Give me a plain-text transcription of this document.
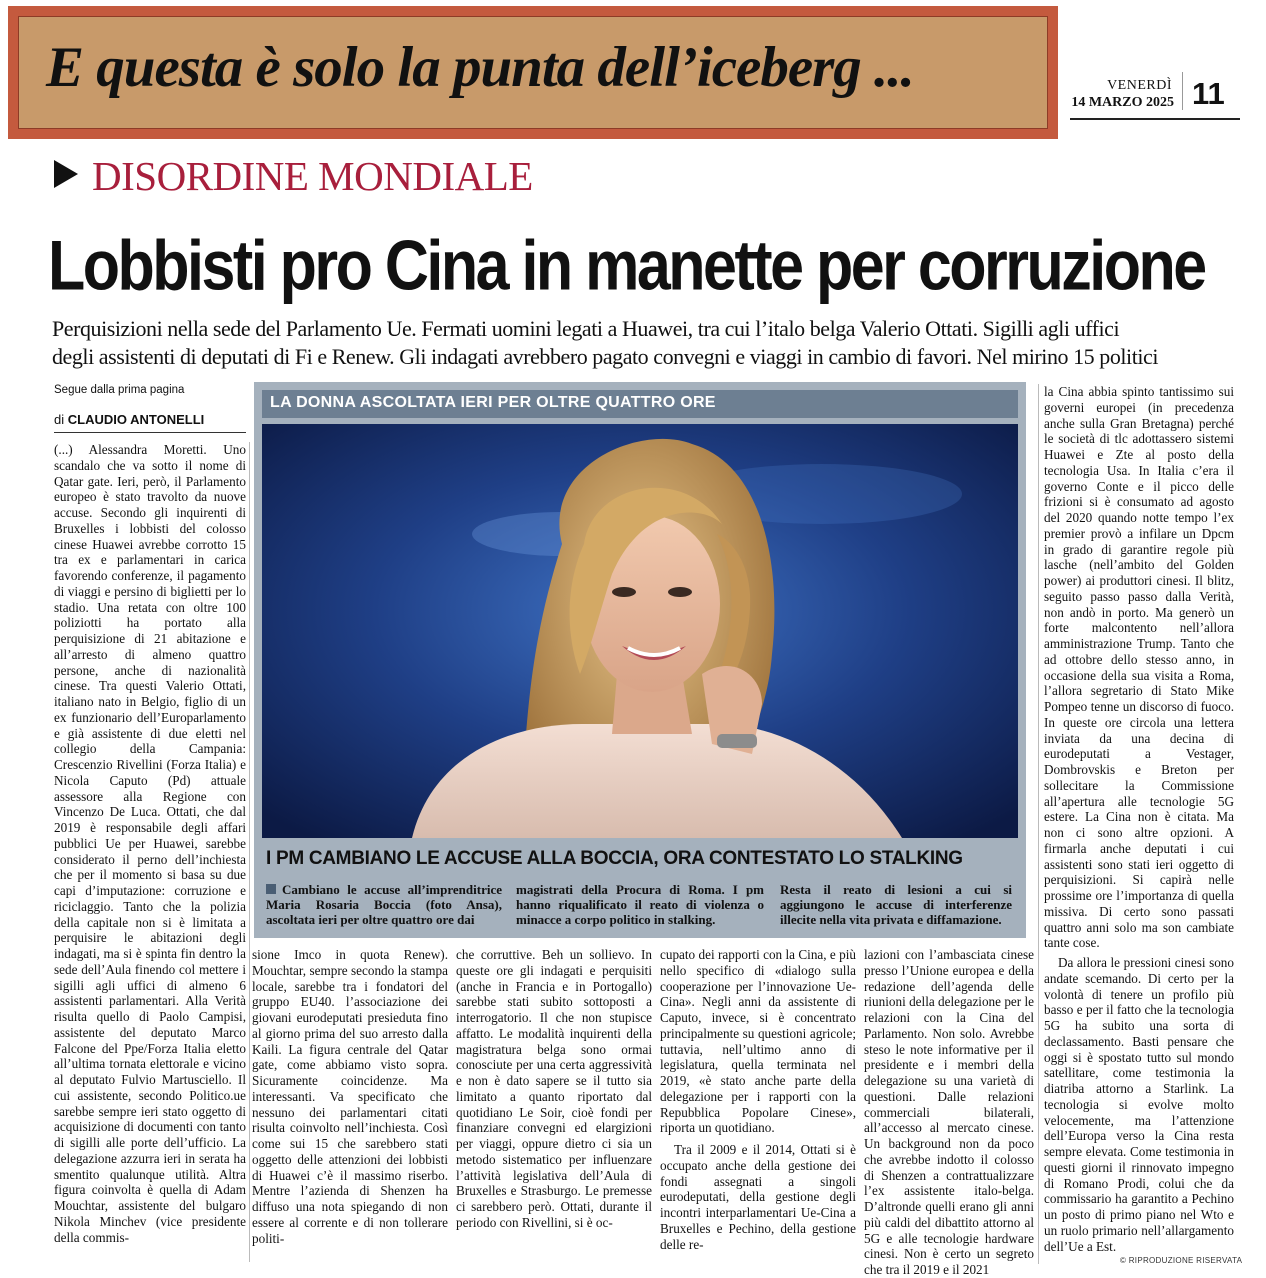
E questa è solo la punta dell’iceberg ...	VENERDÌ
14 MARZO 2025 11
DISORDINE MONDIALE
Lobbisti pro Cina in manette per corruzione
Perquisizioni nella sede del Parlamento Ue. Fermati uomini legati a Huawei, tra cui l’italo belga Valerio Ottati. Sigilli agli uffici
degli assistenti di deputati di Fi e Renew. Gli indagati avrebbero pagato convegni e viaggi in cambio di favori. Nel mirino 15 politici
Segue dalla prima pagina
di CLAUDIO ANTONELLI

(...) Alessandra Moretti. Uno scandalo che va sotto il nome di Qatar gate. Ieri, però, il Parlamento europeo è stato travolto da nuove accuse. Secondo gli inquirenti di Bruxelles i lobbisti del colosso cinese Huawei avrebbe corrotto 15 tra ex e parlamentari in carica favorendo conferenze, il pagamento di viaggi e persino di biglietti per lo stadio. Una retata con oltre 100 poliziotti ha portato alla perquisizione di 21 abitazione e all’arresto di almeno quattro persone, anche di nazionalità cinese. Tra questi Valerio Ottati, italiano nato in Belgio, figlio di un ex funzionario dell’Europarlamento e già assistente di due eletti nel collegio della Campania: Crescenzio Rivellini (Forza Italia) e Nicola Caputo (Pd) attuale assessore alla Regione con Vincenzo De Luca. Ottati, che dal 2019 è responsabile degli affari pubblici Ue per Huawei, sarebbe considerato il perno dell’inchiesta che per il momento si basa su due capi d’imputazione: corruzione e riciclaggio. Tanto che la polizia della capitale non si è limitata a perquisire le abitazioni degli indagati, ma si è spinta fin dentro la sede dell’Aula finendo col mettere i sigilli agli uffici di almeno 6 assistenti parlamentari. Alla Verità risulta quello di Paolo Campisi, assistente del deputato Marco Falcone del Ppe/Forza Italia eletto all’ultima tornata elettorale e vicino al deputato Fulvio Martusciello. Il cui assistente, secondo Politico.ue sarebbe sempre ieri stato oggetto di acquisizione di documenti con tanto di sigilli alle porte dell’ufficio. La delegazione azzurra ieri in serata ha smentito qualunque utilità. Altra figura coinvolta è quella di Adam Mouchtar, assistente del bulgaro Nikola Minchev (vice presidente della commis-

sione Imco in quota Renew). Mouchtar, sempre secondo la stampa locale, sarebbe tra i fondatori del gruppo EU40. l’associazione dei giovani eurodeputati presieduta fino al giorno prima del suo arresto dalla Kaili. La figura centrale del Qatar gate, come abbiamo visto sopra. Sicuramente coincidenze. Ma interessanti. Va specificato che nessuno dei parlamentari citati risulta coinvolto nell’inchiesta. Così come sui 15 che sarebbero stati oggetto delle attenzioni dei lobbisti di Huawei c’è il massimo riserbo. Mentre l’azienda di Shenzen ha diffuso una nota spiegando di non essere al corrente e di non tollerare politi-

che corruttive. Beh un sollievo. In queste ore gli indagati e perquisiti (anche in Francia e in Portogallo) sarebbe stati subito sottoposti a interrogatorio. Il che non stupisce affatto. Le modalità inquirenti della magistratura belga sono ormai conosciute per una certa aggressività e non è dato sapere se il tutto sia limitato a quanto riportato dal quotidiano Le Soir, cioè fondi per finanziare convegni ed elargizioni per viaggi, oppure dietro ci sia un metodo sistematico per influenzare l’attività legislativa dell’Aula di Bruxelles e Strasburgo. Le premesse ci sarebbero però. Ottati, durante il periodo con Rivellini, si è oc-

cupato dei rapporti con la Cina, e più nello specifico di «dialogo sulla cooperazione per l’innovazione Ue-Cina». Negli anni da assistente di Caputo, invece, si è concentrato principalmente su questioni agricole; tuttavia, nell’ultimo anno di legislatura, quella terminata nel 2019, «è stato anche parte della delegazione per i rapporti con la Repubblica Popolare Cinese», riporta un quotidiano.

Tra il 2009 e il 2014, Ottati si è occupato anche della gestione dei fondi assegnati a singoli eurodeputati, della gestione degli incontri interparlamentari Ue-Cina a Bruxelles e Pechino, della gestione delle re-

lazioni con l’ambasciata cinese presso l’Unione europea e della redazione dell’agenda delle riunioni della delegazione per le relazioni con la Cina del Parlamento. Non solo. Avrebbe steso le note informative per il presidente e i membri della delegazione su una varietà di questioni. Dalle relazioni commerciali bilaterali, all’accesso al mercato cinese. Un background non da poco che avrebbe indotto il colosso di Shenzen a contrattualizzare l’ex assistente italo-belga. D’altronde quelli erano gli anni più caldi del dibattito attorno al 5G e alle tecnologie hardware cinesi. Non è certo un segreto che tra il 2019 e il 2021

la Cina abbia spinto tantissimo sui governi europei (in precedenza anche sulla Gran Bretagna) perché le società di tlc adottassero sistemi Huawei e Zte al posto della tecnologia Usa. In Italia c’era il governo Conte e il picco delle frizioni si è consumato ad agosto del 2020 quando notte tempo l’ex premier provò a infilare un Dpcm in grado di garantire regole più lasche (nell’ambito del Golden power) ai produttori cinesi. Il blitz, seguito passo passo dalla Verità, non andò in porto. Ma generò un forte malcontento nell’allora amministrazione Trump. Tanto che ad ottobre dello stesso anno, in occasione della sua visita a Roma, l’allora segretario di Stato Mike Pompeo tenne un discorso di fuoco. In queste ore circola una lettera inviata da una decina di eurodeputati a Vestager, Dombrovskis e Breton per sollecitare la Commissione all’apertura alle tecnologie 5G estere. La Cina non è citata. Ma non ci sono altre opzioni. A firmarla anche deputati i cui assistenti sono stati ieri oggetto di perquisizioni. Si capirà nelle prossime ore l’importanza di quella missiva. Di certo sono passati quattro anni solo ma son cambiate tante cose.

Da allora le pressioni cinesi sono andate scemando. Di certo per la volontà di tenere un profilo più basso e per il fatto che la tecnologia 5G ha subito una sorta di declassamento. Basti pensare che oggi si è spostato tutto sul mondo satellitare, come testimonia la diatriba attorno a Starlink. La tecnologia si evolve molto velocemente, ma l’attenzione dell’Europa verso la Cina resta sempre elevata. Come testimonia in questi giorni il rinnovato impegno di Romano Prodi, colui che da commissario ha garantito a Pechino un posto di primo piano nel Wto e un ruolo primario nell’allargamento dell’Ue a Est.

LA DONNA ASCOLTATA IERI PER OLTRE QUATTRO ORE
I PM CAMBIANO LE ACCUSE ALLA BOCCIA, ORA CONTESTATO LO STALKING
Cambiano le accuse all’imprenditrice Maria Rosaria Boccia (foto Ansa), ascoltata ieri per oltre quattro ore dai
magistrati della Procura di Roma. I pm hanno riqualificato il reato di violenza o minacce a corpo politico in stalking.
Resta il reato di lesioni a cui si aggiungono le accuse di interferenze illecite nella vita privata e diffamazione.
© RIPRODUZIONE RISERVATA
